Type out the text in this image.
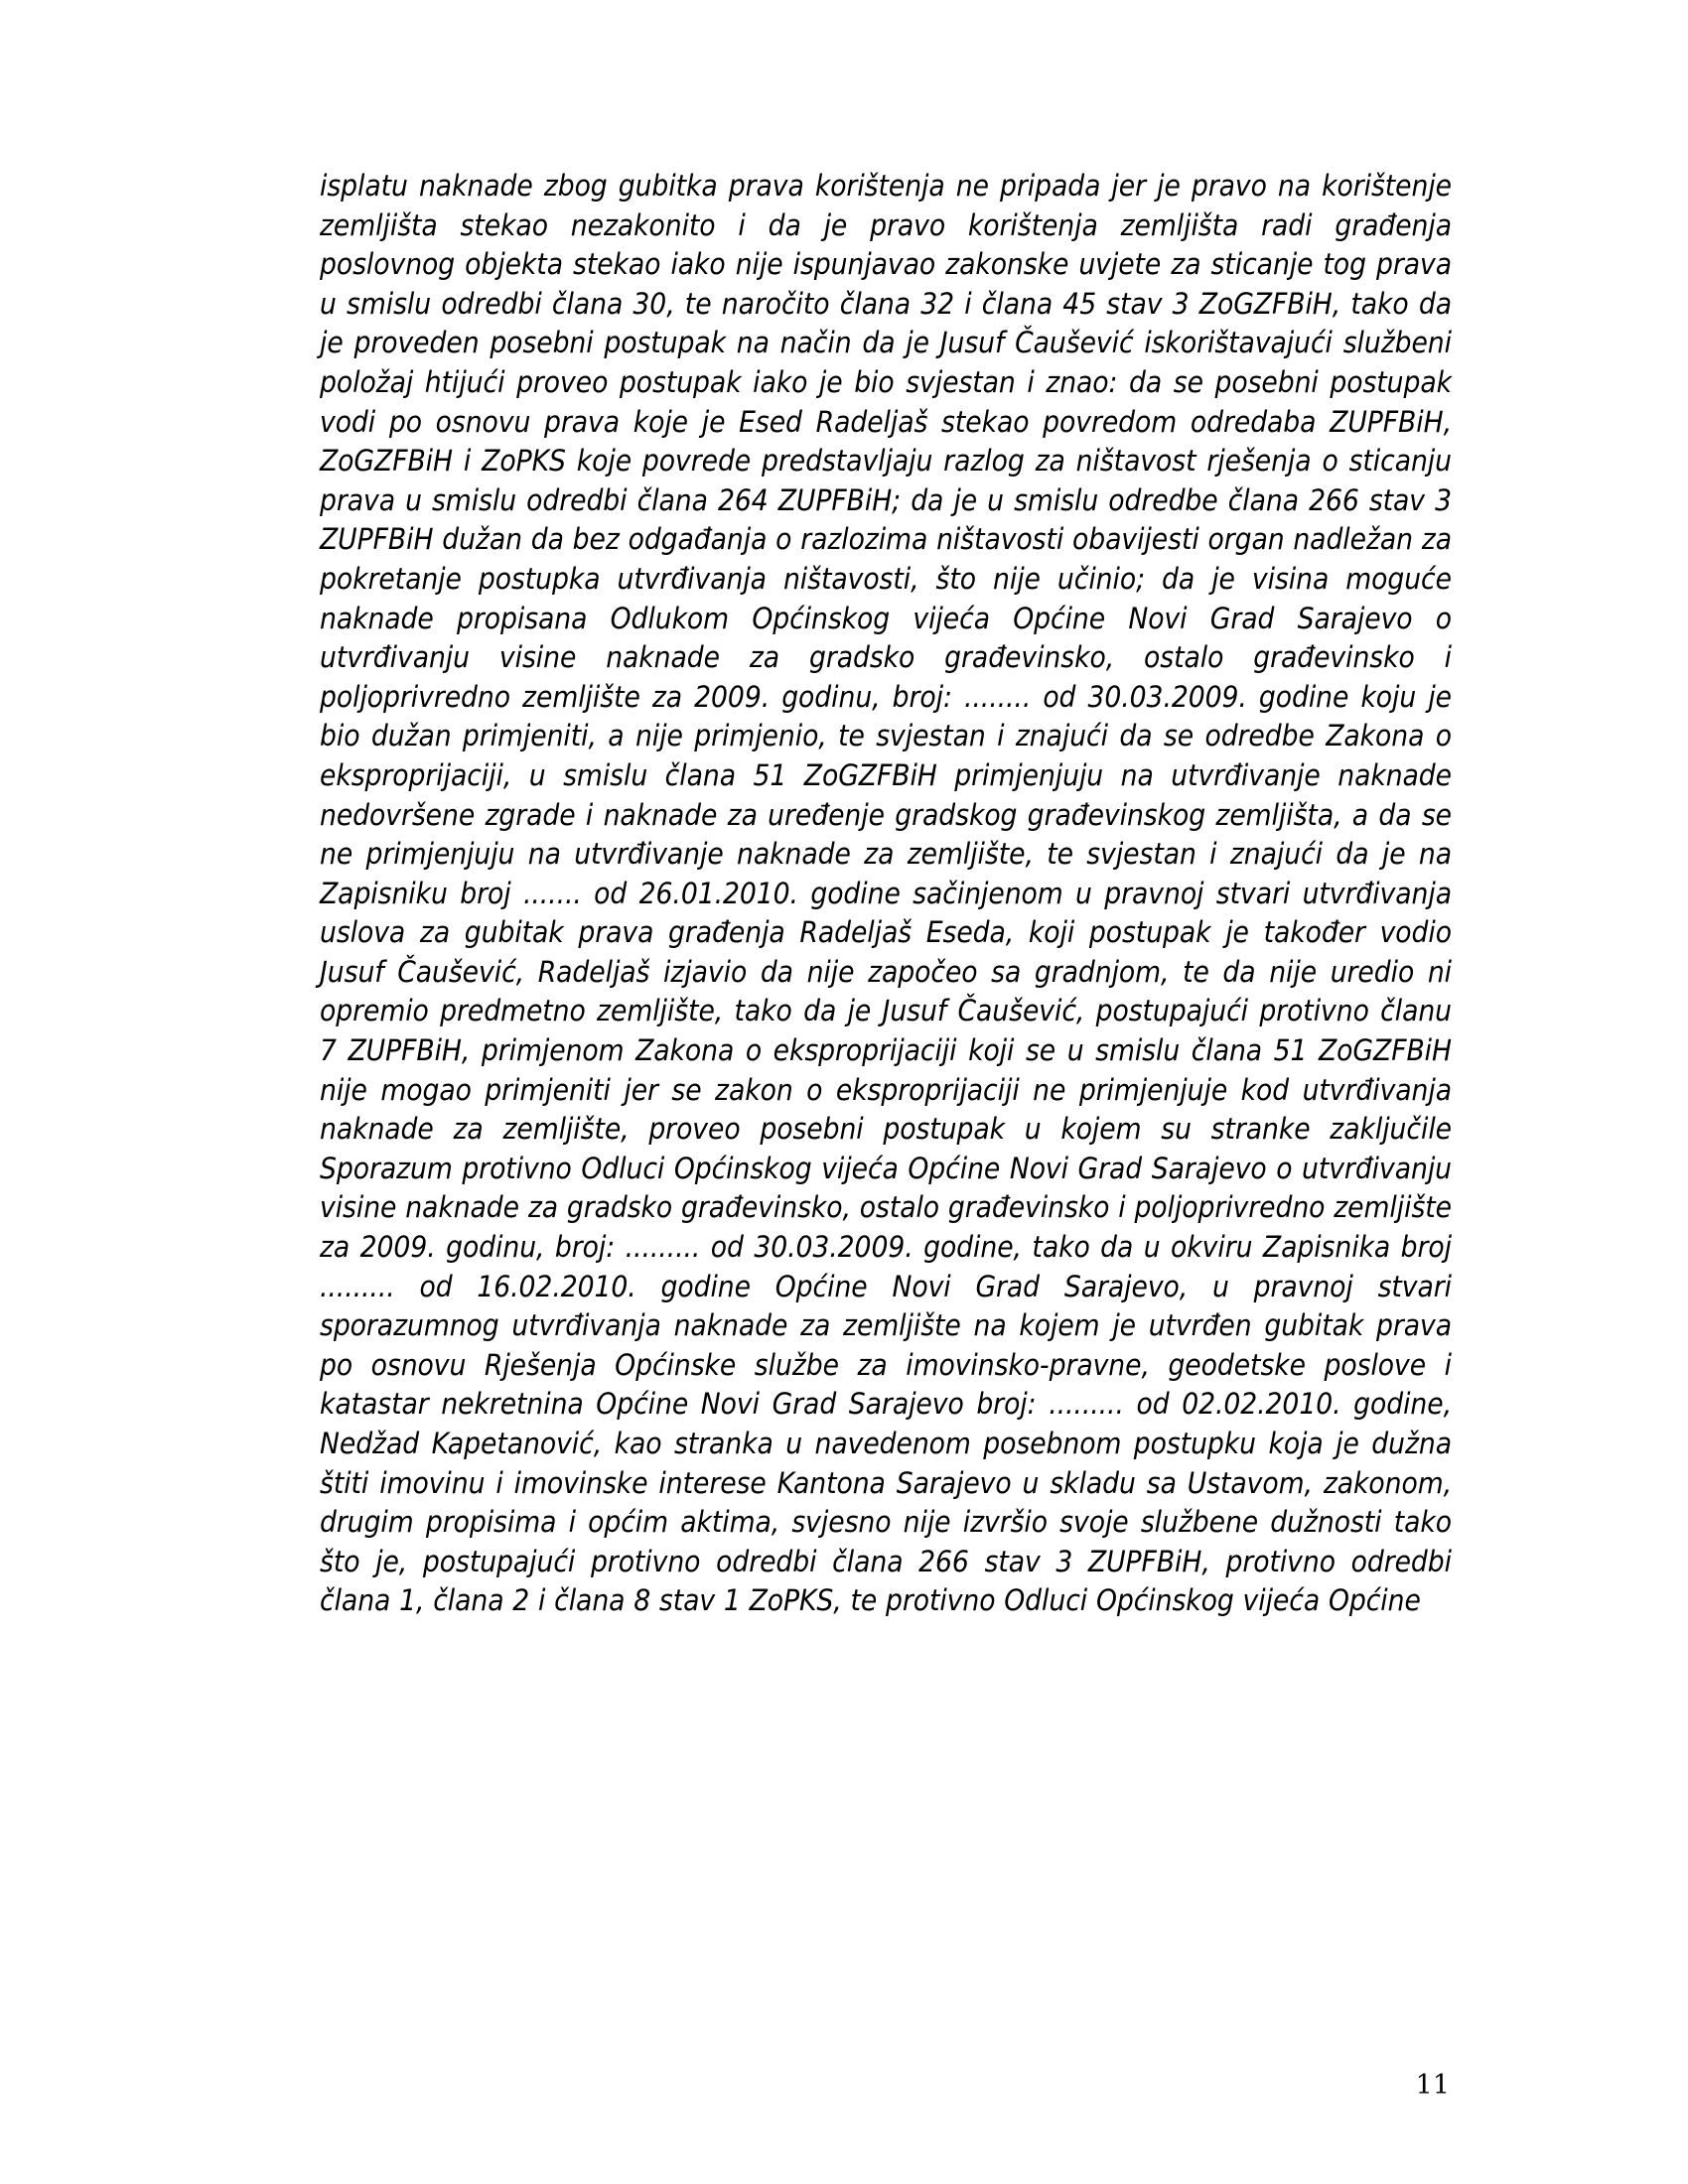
isplatu naknade zbog gubitka prava korištenja ne pripada jer je pravo na korištenje zemljišta stekao nezakonito i da je pravo korištenja zemljišta radi građenja poslovnog objekta stekao iako nije ispunjavao zakonske uvjete za sticanje tog prava u smislu odredbi člana 30, te naročito člana 32 i člana 45 stav 3 ZoGZFBiH, tako da je proveden posebni postupak na način da je Jusuf Čaušević iskorištavajući službeni položaj htijući proveo postupak iako je bio svjestan i znao: da se posebni postupak vodi po osnovu prava koje je Esed Radeljaš stekao povredom odredaba ZUPFBiH, ZoGZFBiH i ZoPKS koje povrede predstavljaju razlog za ništavost rješenja o sticanju prava u smislu odredbi člana 264 ZUPFBiH; da je u smislu odredbe člana 266 stav 3 ZUPFBiH dužan da bez odgađanja o razlozima ništavosti obavijesti organ nadležan za pokretanje postupka utvrđivanja ništavosti, što nije učinio; da je visina moguće naknade propisana Odlukom Općinskog vijeća Općine Novi Grad Sarajevo o utvrđivanju visine naknade za gradsko građevinsko, ostalo građevinsko i poljoprivredno zemljište za 2009. godinu, broj: ........ od 30.03.2009. godine koju je bio dužan primjeniti, a nije primjenio, te svjestan i znajući da se odredbe Zakona o eksproprijaciji, u smislu člana 51 ZoGZFBiH primjenjuju na utvrđivanje naknade nedovršene zgrade i naknade za uređenje gradskog građevinskog zemljišta, a da se ne primjenjuju na utvrđivanje naknade za zemljište, te svjestan i znajući da je na Zapisniku broj ....... od 26.01.2010. godine sačinjenom u pravnoj stvari utvrđivanja uslova za gubitak prava građenja Radeljaš Eseda, koji postupak je također vodio Jusuf Čaušević, Radeljaš izjavio da nije započeo sa gradnjom, te da nije uredio ni opremio predmetno zemljište, tako da je Jusuf Čaušević, postupajući protivno članu 7 ZUPFBiH, primjenom Zakona o eksproprijaciji koji se u smislu člana 51 ZoGZFBiH nije mogao primjeniti jer se zakon o eksproprijaciji ne primjenjuje kod utvrđivanja naknade za zemljište, proveo posebni postupak u kojem su stranke zaključile Sporazum protivno Odluci Općinskog vijeća Općine Novi Grad Sarajevo o utvrđivanju visine naknade za gradsko građevinsko, ostalo građevinsko i poljoprivredno zemljište za 2009. godinu, broj: ......... od 30.03.2009. godine, tako da u okviru Zapisnika broj ......... od 16.02.2010. godine Općine Novi Grad Sarajevo, u pravnoj stvari sporazumnog utvrđivanja naknade za zemljište na kojem je utvrđen gubitak prava po osnovu Rješenja Općinske službe za imovinsko-pravne, geodetske poslove i katastar nekretnina Općine Novi Grad Sarajevo broj: ......... od 02.02.2010. godine, Nedžad Kapetanović, kao stranka u navedenom posebnom postupku koja je dužna štiti imovinu i imovinske interese Kantona Sarajevo u skladu sa Ustavom, zakonom, drugim propisima i općim aktima, svjesno nije izvršio svoje službene dužnosti tako što je, postupajući protivno odredbi člana 266 stav 3 ZUPFBiH, protivno odredbi člana 1, člana 2 i člana 8 stav 1 ZoPKS, te protivno Odluci Općinskog vijeća Općine

11
